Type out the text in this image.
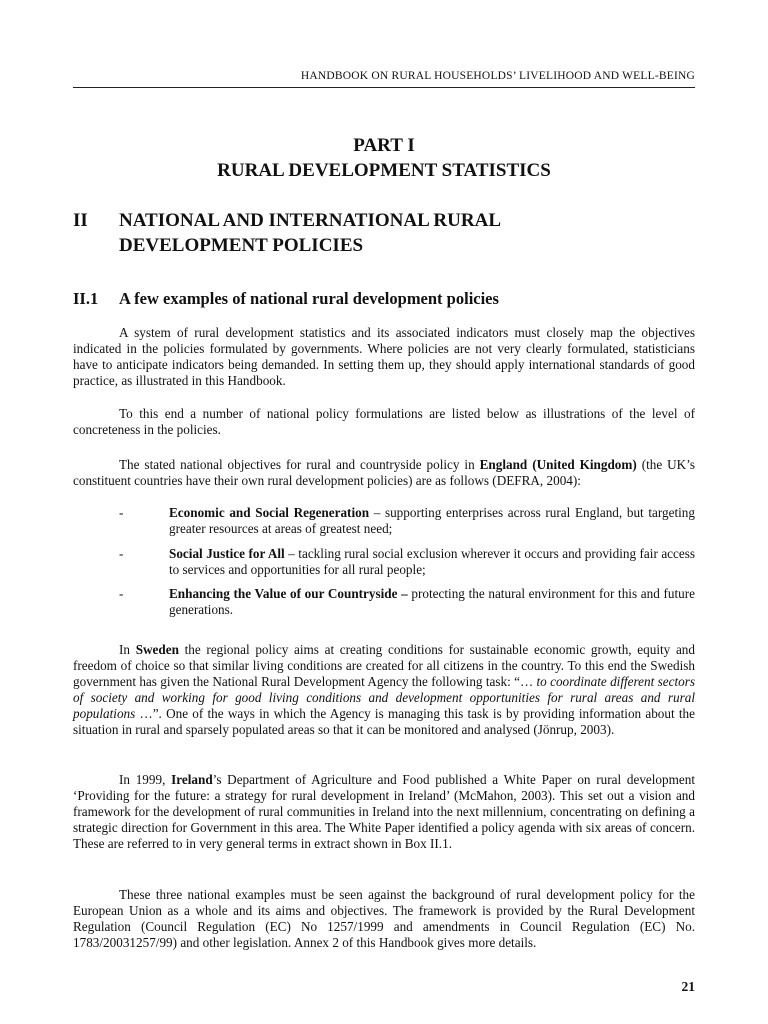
HANDBOOK ON RURAL HOUSEHOLDS’ LIVELIHOOD AND WELL-BEING
PART I
RURAL DEVELOPMENT STATISTICS
II NATIONAL AND INTERNATIONAL RURAL
DEVELOPMENT POLICIES
II.1 A few examples of national rural development policies

A system of rural development statistics and its associated indicators must closely map the objectives indicated in the policies formulated by governments. Where policies are not very clearly formulated, statisticians have to anticipate indicators being demanded. In setting them up, they should apply international standards of good practice, as illustrated in this Handbook.

To this end a number of national policy formulations are listed below as illustrations of the level of concreteness in the policies.

The stated national objectives for rural and countryside policy in England (United Kingdom) (the UK’s constituent countries have their own rural development policies) are as follows (DEFRA, 2004):

-	Economic and Social Regeneration – supporting enterprises across rural England, but targeting greater resources at areas of greatest need;
-	Social Justice for All – tackling rural social exclusion wherever it occurs and providing fair access to services and opportunities for all rural people;
-	Enhancing the Value of our Countryside – protecting the natural environment for this and future generations.

In Sweden the regional policy aims at creating conditions for sustainable economic growth, equity and freedom of choice so that similar living conditions are created for all citizens in the country. To this end the Swedish government has given the National Rural Development Agency the following task: “… to coordinate different sectors of society and working for good living conditions and development opportunities for rural areas and rural populations …”. One of the ways in which the Agency is managing this task is by providing information about the situation in rural and sparsely populated areas so that it can be monitored and analysed (Jönrup, 2003).

In 1999, Ireland’s Department of Agriculture and Food published a White Paper on rural development ‘Providing for the future: a strategy for rural development in Ireland’ (McMahon, 2003). This set out a vision and framework for the development of rural communities in Ireland into the next millennium, concentrating on defining a strategic direction for Government in this area. The White Paper identified a policy agenda with six areas of concern. These are referred to in very general terms in extract shown in Box II.1.

These three national examples must be seen against the background of rural development policy for the European Union as a whole and its aims and objectives. The framework is provided by the Rural Development Regulation (Council Regulation (EC) No 1257/1999 and amendments in Council Regulation (EC) No. 1783/20031257/99) and other legislation. Annex 2 of this Handbook gives more details.

21
